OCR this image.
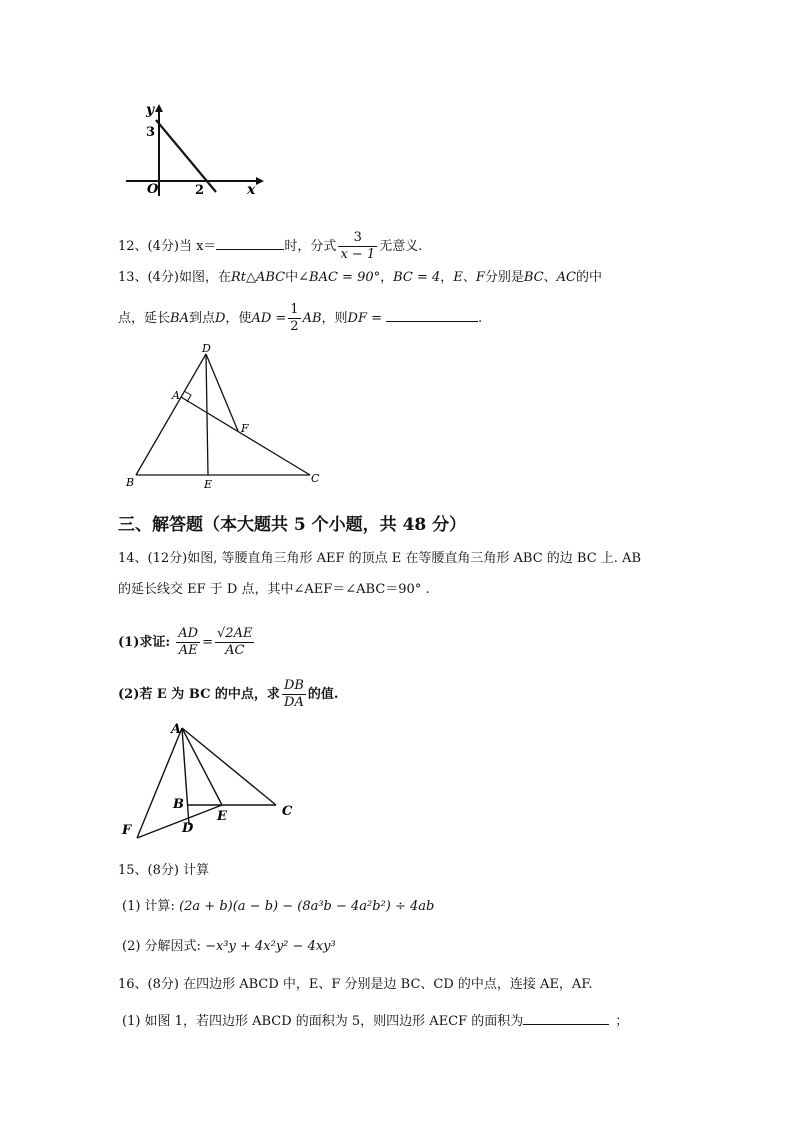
y
x
O
3
2
12、(4分)当 x＝	时，分式 $\frac{3}{x - 1}$ 无意义.
13、(4分)如图，在Rt△ABC中∠BAC = 90°，BC = 4，E、F分别是BC、AC的中
点，延长BA到点D，使AD = $\frac{1}{2}$ AB，则DF =	.
D
A
F
B	E	C
三、解答题（本大题共 5 个小题，共 48 分）
14、(12分)如图, 等腰直角三角形 AEF 的顶点 E 在等腰直角三角形 ABC 的边 BC 上. AB
的延长线交 EF 于 D 点，其中∠AEF＝∠ABC＝90° .
(1)求证: $\frac{AD}{AE} = \frac{√2AE}{AC}$
(2)若 E 为 BC 的中点，求 $\frac{DB}{DA}$ 的值.
A
B
E	C
F	D
15、(8分) 计算
(1) 计算: (2a + b)(a − b) − (8a³b − 4a²b²) ÷ 4ab
(2) 分解因式: −x³y + 4x²y² − 4xy³
16、(8分) 在四边形 ABCD 中，E、F 分别是边 BC、CD 的中点，连接 AE，AF.
(1) 如图 1，若四边形 ABCD 的面积为 5，则四边形 AECF 的面积为	；
